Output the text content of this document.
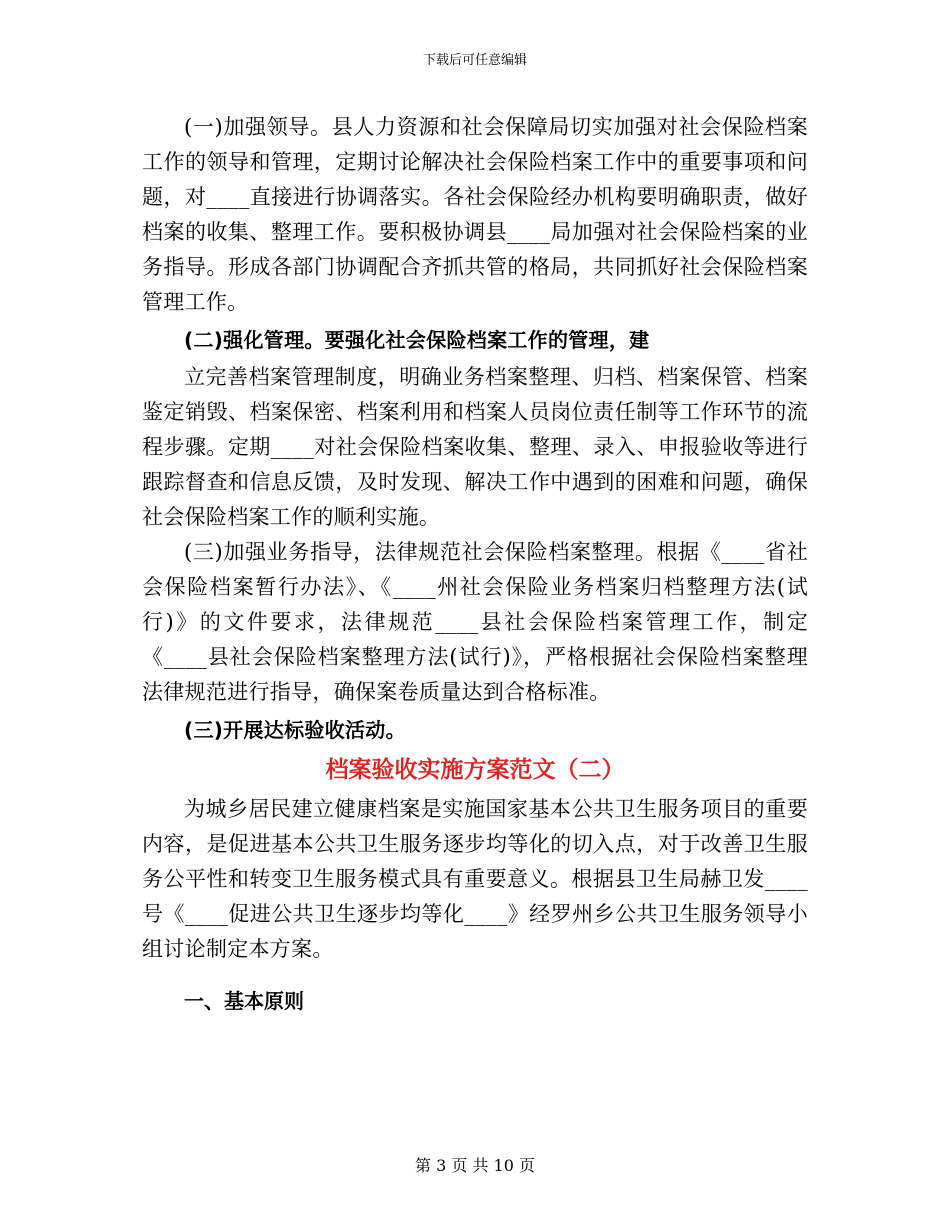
下载后可任意编辑

(一)加强领导。县人力资源和社会保障局切实加强对社会保险档案工作的领导和管理，定期讨论解决社会保险档案工作中的重要事项和问题，对____直接进行协调落实。各社会保险经办机构要明确职责，做好档案的收集、整理工作。要积极协调县____局加强对社会保险档案的业务指导。形成各部门协调配合齐抓共管的格局，共同抓好社会保险档案管理工作。

(二)强化管理。要强化社会保险档案工作的管理，建

立完善档案管理制度，明确业务档案整理、归档、档案保管、档案鉴定销毁、档案保密、档案利用和档案人员岗位责任制等工作环节的流程步骤。定期____对社会保险档案收集、整理、录入、申报验收等进行跟踪督查和信息反馈，及时发现、解决工作中遇到的困难和问题，确保社会保险档案工作的顺利实施。

(三)加强业务指导，法律规范社会保险档案整理。根据《____省社会保险档案暂行办法》、《____州社会保险业务档案归档整理方法(试行)》的文件要求，法律规范____县社会保险档案管理工作，制定《____县社会保险档案整理方法(试行)》，严格根据社会保险档案整理法律规范进行指导，确保案卷质量达到合格标准。

(三)开展达标验收活动。

档案验收实施方案范文（二）

为城乡居民建立健康档案是实施国家基本公共卫生服务项目的重要内容，是促进基本公共卫生服务逐步均等化的切入点，对于改善卫生服务公平性和转变卫生服务模式具有重要意义。根据县卫生局赫卫发____号《____促进公共卫生逐步均等化____》经罗州乡公共卫生服务领导小组讨论制定本方案。

一、基本原则
第 3 页 共 10 页
